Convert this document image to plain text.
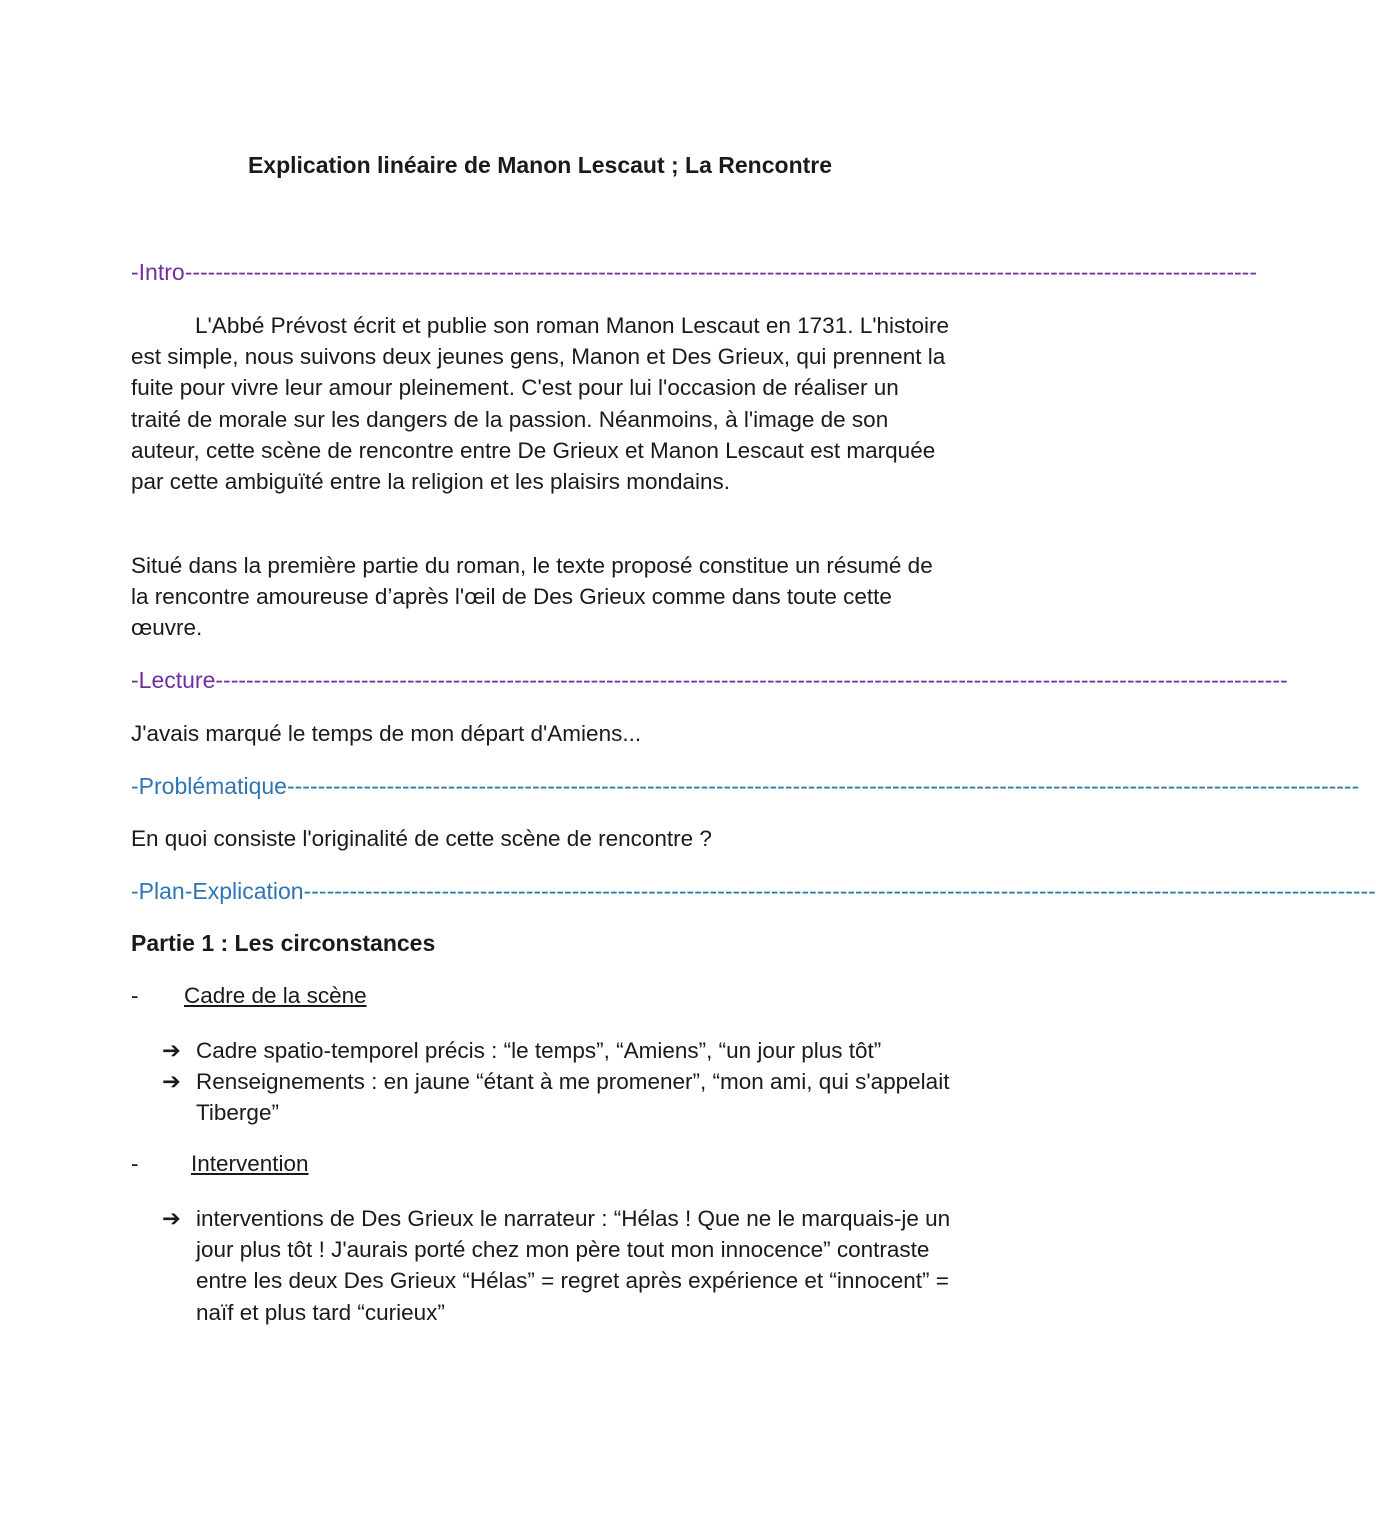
Explication linéaire de Manon Lescaut ; La Rencontre
-Intro--------------------------------------------------------------------------------------------------------------------------------------------

L'Abbé Prévost écrit et publie son roman Manon Lescaut en 1731. L'histoire est simple, nous suivons deux jeunes gens, Manon et Des Grieux, qui prennent la fuite pour vivre leur amour pleinement. C'est pour lui l'occasion de réaliser un traité de morale sur les dangers de la passion. Néanmoins, à l'image de son auteur, cette scène de rencontre entre De Grieux et Manon Lescaut est marquée par cette ambiguïté entre la religion et les plaisirs mondains.

Situé dans la première partie du roman, le texte proposé constitue un résumé de la rencontre amoureuse d’après l'œil de Des Grieux comme dans toute cette œuvre.

-Lecture--------------------------------------------------------------------------------------------------------------------------------------------

J'avais marqué le temps de mon départ d'Amiens...

-Problématique--------------------------------------------------------------------------------------------------------------------------------------------

En quoi consiste l'originalité de cette scène de rencontre ?

-Plan-Explication--------------------------------------------------------------------------------------------------------------------------------------------
Partie 1 : Les circonstances
- Cadre de la scène
➔ Cadre spatio-temporel précis : “le temps”, “Amiens”, “un jour plus tôt”
➔ Renseignements : en jaune “étant à me promener”, “mon ami, qui s'appelait Tiberge”
- Intervention
➔ interventions de Des Grieux le narrateur : “Hélas ! Que ne le marquais-je un jour plus tôt ! J'aurais porté chez mon père tout mon innocence” contraste entre les deux Des Grieux “Hélas” = regret après expérience et “innocent” = naïf et plus tard “curieux”
